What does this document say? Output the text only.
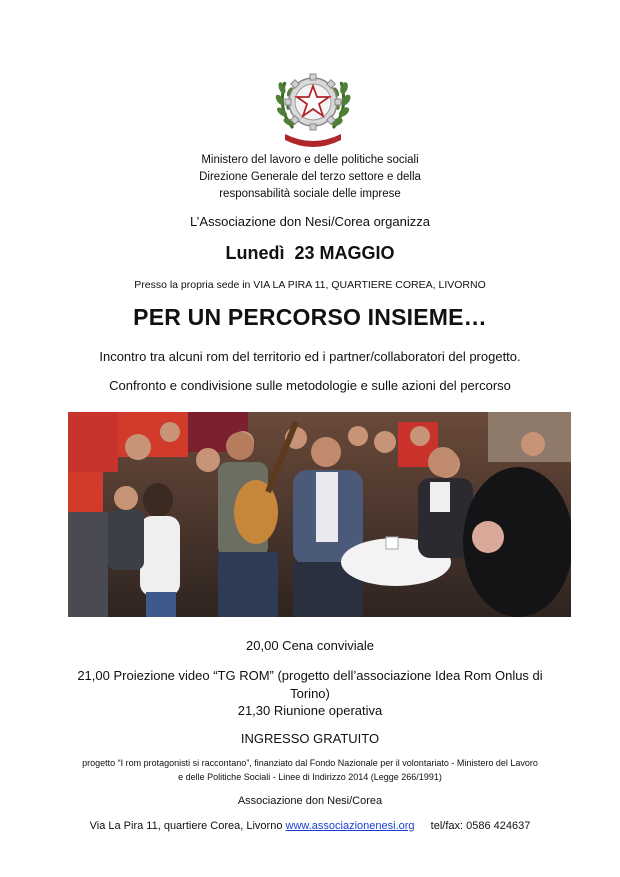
Ministero del lavoro e delle politiche sociali
Direzione Generale del terzo settore e della
responsabilità sociale delle imprese
L’Associazione don Nesi/Corea organizza
Lunedì  23 MAGGIO
Presso la propria sede in VIA LA PIRA 11, QUARTIERE COREA, LIVORNO
PER UN PERCORSO INSIEME…
Incontro tra alcuni rom del territorio ed i partner/collaboratori del progetto.
Confronto e condivisione sulle metodologie e sulle azioni del percorso
20,00 Cena conviviale
21,00 Proiezione video “TG ROM” (progetto dell’associazione Idea Rom Onlus di
Torino)
21,30 Riunione operativa
INGRESSO GRATUITO
progetto “I rom protagonisti si raccontano”, finanziato dal Fondo Nazionale per il volontariato - Ministero del Lavoro
e delle Politiche Sociali - Linee di Indirizzo 2014 (Legge 266/1991)
Associazione don Nesi/Corea
Via La Pira 11, quartiere Corea, Livorno www.associazionenesi.org tel/fax: 0586 424637
